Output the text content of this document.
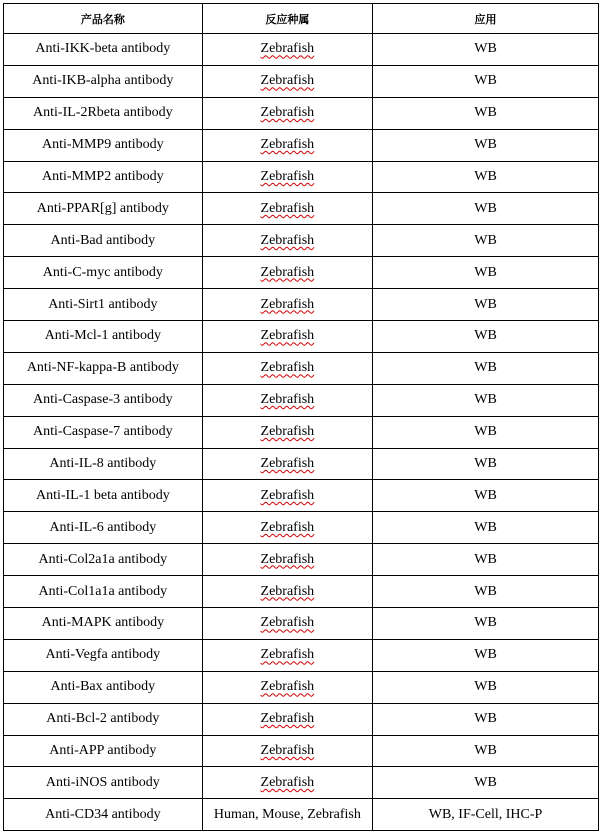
产品名称	反应种属	应用
Anti-IKK-beta antibody	Zebrafish	WB
Anti-IKB-alpha antibody	Zebrafish	WB
Anti-IL-2Rbeta antibody	Zebrafish	WB
Anti-MMP9 antibody	Zebrafish	WB
Anti-MMP2 antibody	Zebrafish	WB
Anti-PPAR[g] antibody	Zebrafish	WB
Anti-Bad antibody	Zebrafish	WB
Anti-C-myc antibody	Zebrafish	WB
Anti-Sirt1 antibody	Zebrafish	WB
Anti-Mcl-1 antibody	Zebrafish	WB
Anti-NF-kappa-B antibody	Zebrafish	WB
Anti-Caspase-3 antibody	Zebrafish	WB
Anti-Caspase-7 antibody	Zebrafish	WB
Anti-IL-8 antibody	Zebrafish	WB
Anti-IL-1 beta antibody	Zebrafish	WB
Anti-IL-6 antibody	Zebrafish	WB
Anti-Col2a1a antibody	Zebrafish	WB
Anti-Col1a1a antibody	Zebrafish	WB
Anti-MAPK antibody	Zebrafish	WB
Anti-Vegfa antibody	Zebrafish	WB
Anti-Bax antibody	Zebrafish	WB
Anti-Bcl-2 antibody	Zebrafish	WB
Anti-APP antibody	Zebrafish	WB
Anti-iNOS antibody	Zebrafish	WB
Anti-CD34 antibody	Human, Mouse, Zebrafish	WB, IF-Cell, IHC-P
